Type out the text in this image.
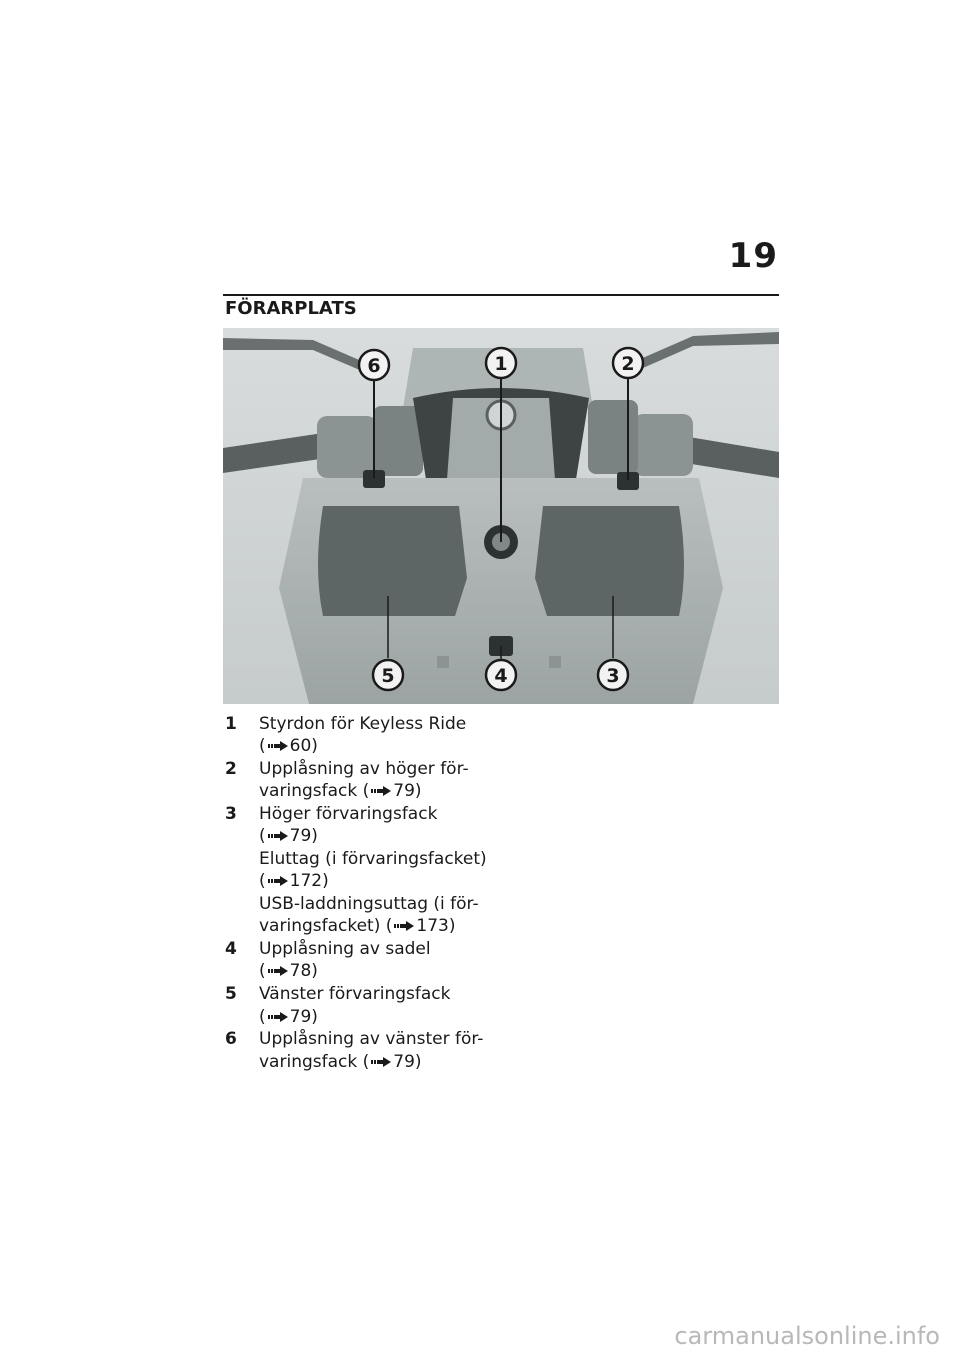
19
FÖRARPLATS
6	1	2
5	4	3
1	Styrdon för Keyless Ride
( 60)
2	Upplåsning av höger för-
varingsfack ( 79)
3	Höger förvaringsfack
( 79)
Eluttag (i förvaringsfacket)
( 172)
USB-laddningsuttag (i för-
varingsfacket) ( 173)
4	Upplåsning av sadel
( 78)
5	Vänster förvaringsfack
( 79)
6	Upplåsning av vänster för-
varingsfack ( 79)
carmanualsonline.info
